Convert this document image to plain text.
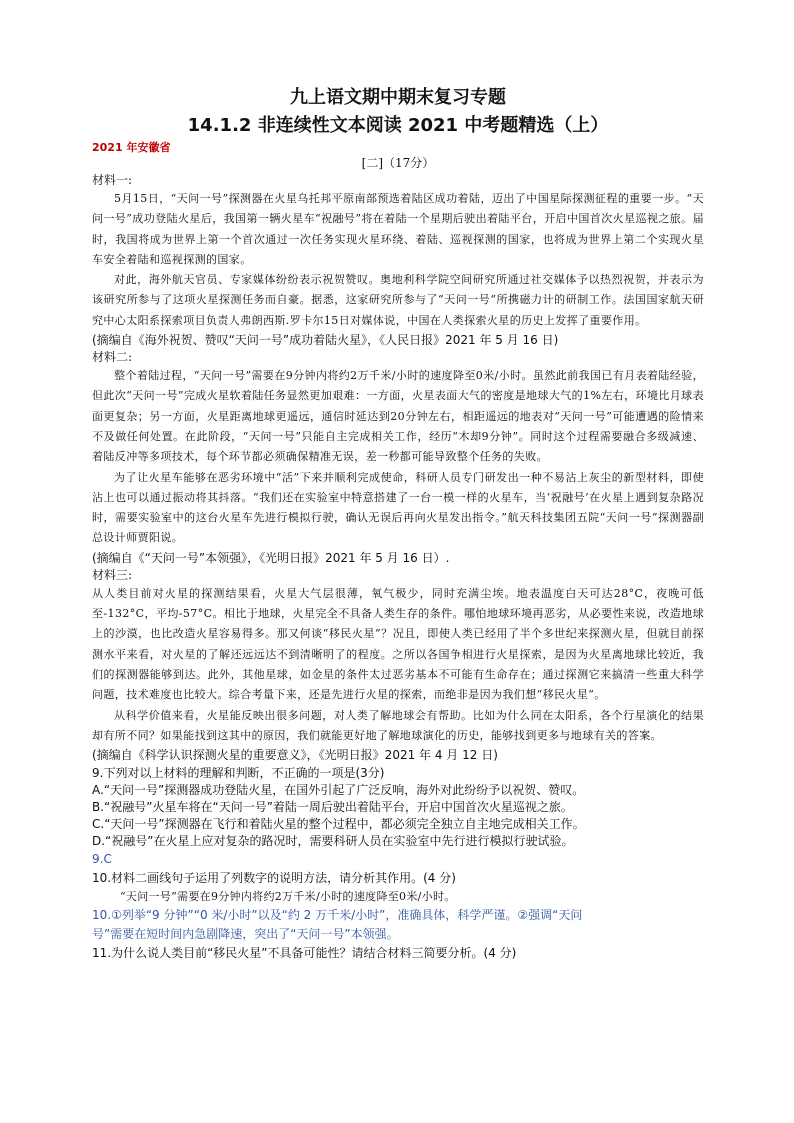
九上语文期中期末复习专题
14.1.2 非连续性文本阅读 2021 中考题精选（上）
2021 年安徽省
[二]（17分）
材料一:

5月15日，“天问一号”探测器在火星乌托邦平原南部预选着陆区成功着陆，迈出了中国星际探测征程的重要一步。“天问一号”成功登陆火星后，我国第一辆火星车“祝融号”将在着陆一个星期后驶出着陆平台，开启中国首次火星巡视之旅。届时，我国将成为世界上第一个首次通过一次任务实现火星环绕、着陆、巡视探测的国家，也将成为世界上第二个实现火星车安全着陆和巡视探测的国家。

对此，海外航天官员、专家媒体纷纷表示祝贺赞叹。奥地利科学院空间研究所通过社交媒体予以热烈祝贺，并表示为该研究所参与了这项火星探测任务而自豪。据悉，这家研究所参与了“天问一号“所携磁力计的研制工作。法国国家航天研究中心太阳系探索项目负责人弗朗西斯.罗卡尔15日对媒体说，中国在人类探索火星的历史上发挥了重要作用。

(摘编自《海外祝贺、赞叹“天问一号”成功着陆火星》，《人民日报》2021 年 5 月 16 日)

材料二:

整个着陆过程，“天问一号”需要在9分钟内将约2万千米/小时的速度降至0米/小时。虽然此前我国已有月表着陆经验，但此次“天问一号”完成火星软着陆任务显然更加艰难：一方面，火星表面大气的密度是地球大气的1%左右，环境比月球表面更复杂；另一方面，火星距离地球更遥远，通信时延达到20分钟左右，相距遥远的地表对“天问一号”可能遭遇的险情来不及做任何处置。在此阶段，“天问一号”只能自主完成相关工作，经历“木却9分钟”。同时这个过程需要融合多级减速、着陆反冲等多项技术，每个环节都必须确保精准无误，差一秒都可能导致整个任务的失败。

为了让火星车能够在恶劣环境中“活”下来并顺利完成使命，科研人员专门研发出一种不易沾上灰尘的新型材料，即使沾上也可以通过振动将其抖落。“我们还在实验室中特意搭建了一台一模一样的火星车，当‘祝融号’在火星上遇到复杂路况时，需要实验室中的这台火星车先进行模拟行驶，确认无误后再向火星发出指令。”航天科技集团五院“天问一号”探测器副总设计师贾阳说。

(摘编自《“天问一号”本领强》，《光明日报》2021 年 5 月 16 日）.

材料三:

从人类目前对火星的探测结果看，火星大气层很薄，氧气极少，同时充满尘埃。地表温度白天可达28°C，夜晚可低至-132°C，平均-57°C。相比于地球，火星完全不具备人类生存的条件。哪怕地球环境再恶劣，从必要性来说，改造地球上的沙漠，也比改造火星容易得多。那又何谈“移民火星”？况且，即使人类已经用了半个多世纪来探测火星，但就目前探测水平来看，对火星的了解还远远达不到清晰明了的程度。之所以各国争相进行火星探索，是因为火星离地球比较近，我们的探测器能够到达。此外，其他星球，如金星的条件太过恶劣基本不可能有生命存在；通过探测它来搞清一些重大科学问题，技术难度也比较大。综合考量下来，还是先进行火星的探索，而绝非是因为我们想“移民火星”。

从科学价值来看，火星能反映出很多问题，对人类了解地球会有帮助。比如为什么同在太阳系，各个行星演化的结果却有所不同？如果能找到这其中的原因，我们就能更好地了解地球演化的历史，能够找到更多与地球有关的答案。

(摘编自《科学认识探测火星的重要意义》，《光明日报》2021 年 4 月 12 日)

9.下列对以上材料的理解和判断，不正确的一项是(3分)

A.“天问一号”探测器成功登陆火星，在国外引起了广泛反响，海外对此纷纷予以祝贺、赞叹。

B.“祝融号”火星车将在“天问一号”着陆一周后驶出着陆平台，开启中国首次火星巡视之旅。

C.“天问一号”探测器在飞行和着陆火星的整个过程中，都必须完全独立自主地完成相关工作。

D.“祝融号”在火星上应对复杂的路况时，需要科研人员在实验室中先行进行模拟行驶试验。

9.C

10.材料二画线句子运用了列数字的说明方法，请分析其作用。(4 分)

“天问一号“需要在9分钟内将约2万千米/小时的速度降至0米/小时。

10.①列举“9 分钟”“0 米/小时”以及“约 2 万千米/小时”，准确具体，科学严谨。②强调“天问

号”需要在短时间内急剧降速，突出了“天问一号”本领强。

11.为什么说人类目前“移民火星”不具备可能性？请结合材料三简要分析。(4 分)
